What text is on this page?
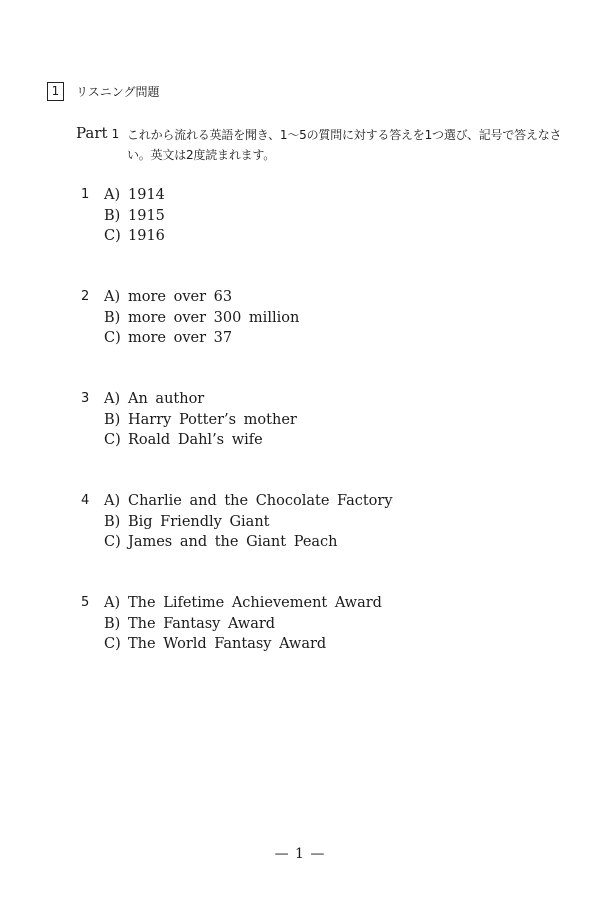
1	リスニング問題
Part 1 これから流れる英語を聞き、1〜5の質問に対する答えを1つ選び、記号で答えなさい。英文は2度読まれます。
1 A) 1914
B) 1915
C) 1916
2 A) more over 63
B) more over 300 million
C) more over 37
3 A) An author
B) Harry Potter’s mother
C) Roald Dahl’s wife
4 A) Charlie and the Chocolate Factory
B) Big Friendly Giant
C) James and the Giant Peach
5 A) The Lifetime Achievement Award
B) The Fantasy Award
C) The World Fantasy Award
— 1 —
